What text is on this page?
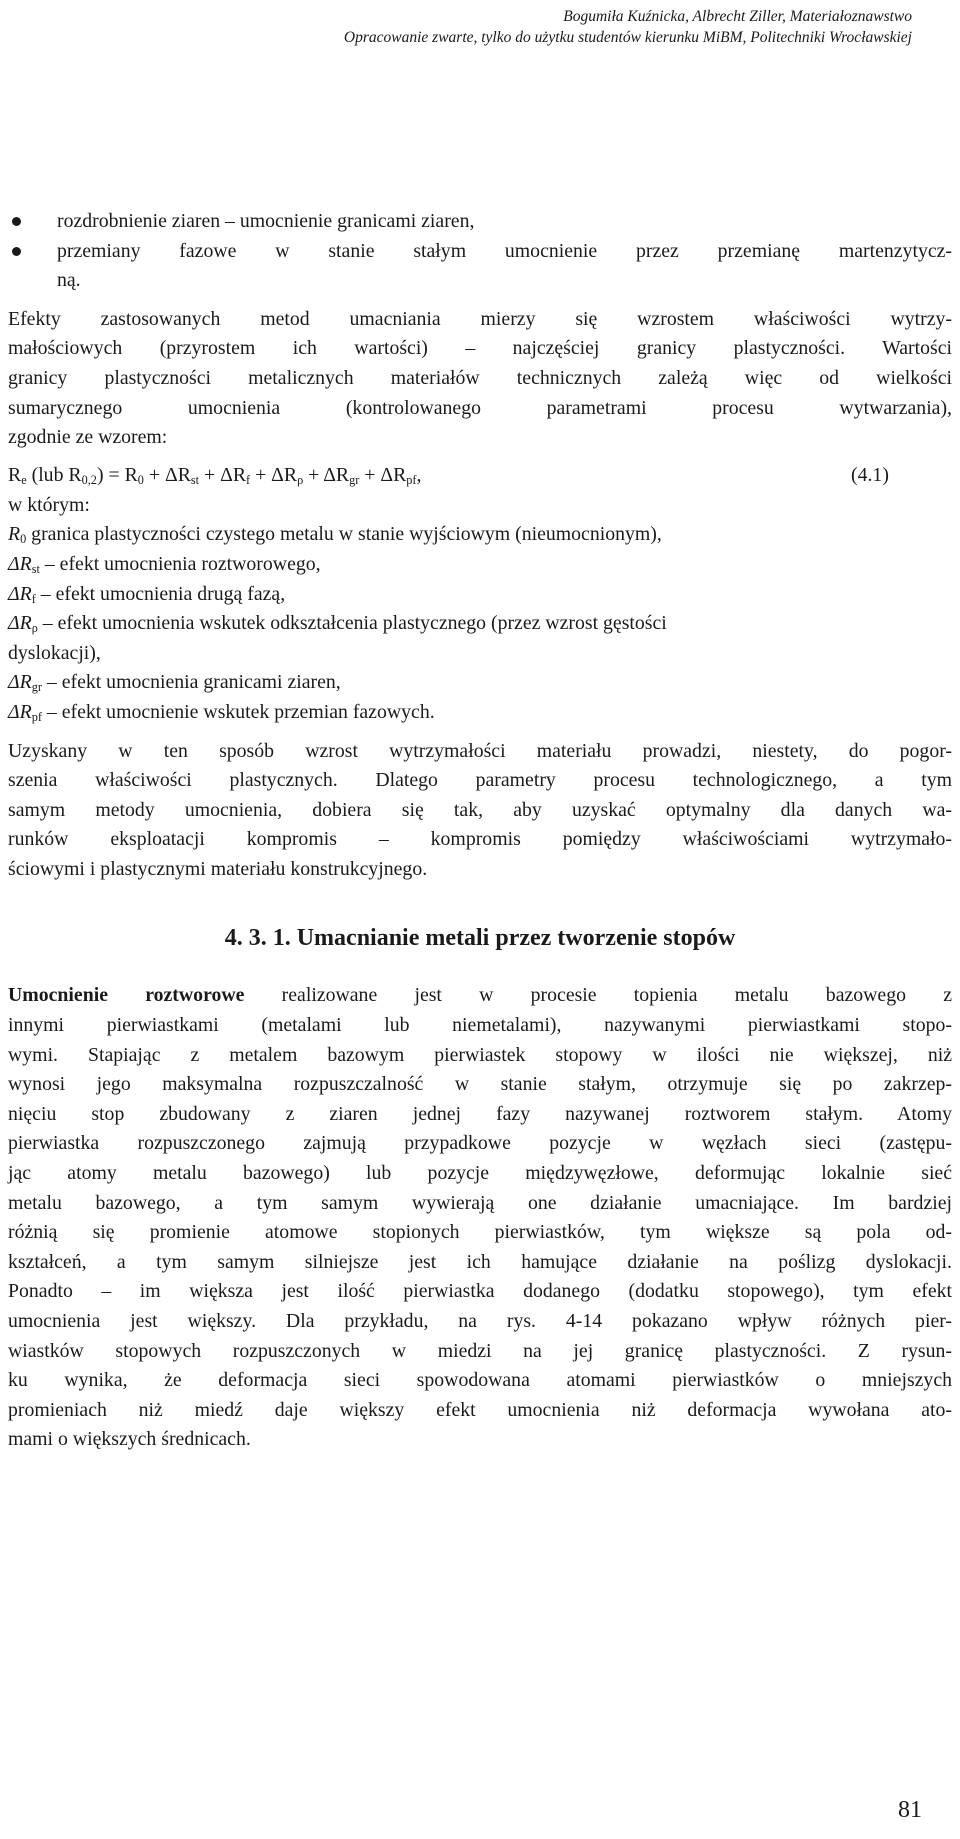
Bogumiła Kuźnicka, Albrecht Ziller, Materiałoznawstwo
Opracowanie zwarte, tylko do użytku studentów kierunku MiBM, Politechniki Wrocławskiej
rozdrobnienie ziaren – umocnienie granicami ziaren,
przemiany fazowe w stanie stałym umocnienie przez przemianę martenzytycz-
ną.

Efekty zastosowanych metod umacniania mierzy się wzrostem właściwości wytrzy-
małościowych (przyrostem ich wartości) – najczęściej granicy plastyczności. Wartości
granicy plastyczności metalicznych materiałów technicznych zależą więc od wielkości
sumarycznego umocnienia (kontrolowanego parametrami procesu wytwarzania),
zgodnie ze wzorem:

$R_e$ (lub $R_{0,2}) = R_0 + \Delta R_{st} + \Delta R_f + \Delta R_\rho + \Delta R_{gr} + \Delta R_{pf}$,	(4.1)
w którym:
$R_0$ granica plastyczności czystego metalu w stanie wyjściowym (nieumocnionym),
$\Delta R_{st}$ – efekt umocnienia roztworowego,
$\Delta R_f$ – efekt umocnienia drugą fazą,
$\Delta R_\rho$ – efekt umocnienia wskutek odkształcenia plastycznego (przez wzrost gęstości
dyslokacji),
$\Delta R_{gr}$ – efekt umocnienia granicami ziaren,
$\Delta R_{pf}$ – efekt umocnienie wskutek przemian fazowych.

Uzyskany w ten sposób wzrost wytrzymałości materiału prowadzi, niestety, do pogor-
szenia właściwości plastycznych. Dlatego parametry procesu technologicznego, a tym
samym metody umocnienia, dobiera się tak, aby uzyskać optymalny dla danych wa-
runków eksploatacji kompromis – kompromis pomiędzy właściwościami wytrzymało-
ściowymi i plastycznymi materiału konstrukcyjnego.

4. 3. 1. Umacnianie metali przez tworzenie stopów

Umocnienie roztworowe realizowane jest w procesie topienia metalu bazowego z
innymi pierwiastkami (metalami lub niemetalami), nazywanymi pierwiastkami stopo-
wymi. Stapiając z metalem bazowym pierwiastek stopowy w ilości nie większej, niż
wynosi jego maksymalna rozpuszczalność w stanie stałym, otrzymuje się po zakrzep-
nięciu stop zbudowany z ziaren jednej fazy nazywanej roztworem stałym. Atomy
pierwiastka rozpuszczonego zajmują przypadkowe pozycje w węzłach sieci (zastępu-
jąc atomy metalu bazowego) lub pozycje międzywęzłowe, deformując lokalnie sieć
metalu bazowego, a tym samym wywierają one działanie umacniające. Im bardziej
różnią się promienie atomowe stopionych pierwiastków, tym większe są pola od-
kształceń, a tym samym silniejsze jest ich hamujące działanie na poślizg dyslokacji.
Ponadto – im większa jest ilość pierwiastka dodanego (dodatku stopowego), tym efekt
umocnienia jest większy. Dla przykładu, na rys. 4-14 pokazano wpływ różnych pier-
wiastków stopowych rozpuszczonych w miedzi na jej granicę plastyczności. Z rysun-
ku wynika, że deformacja sieci spowodowana atomami pierwiastków o mniejszych
promieniach niż miedź daje większy efekt umocnienia niż deformacja wywołana ato-
mami o większych średnicach.

81
